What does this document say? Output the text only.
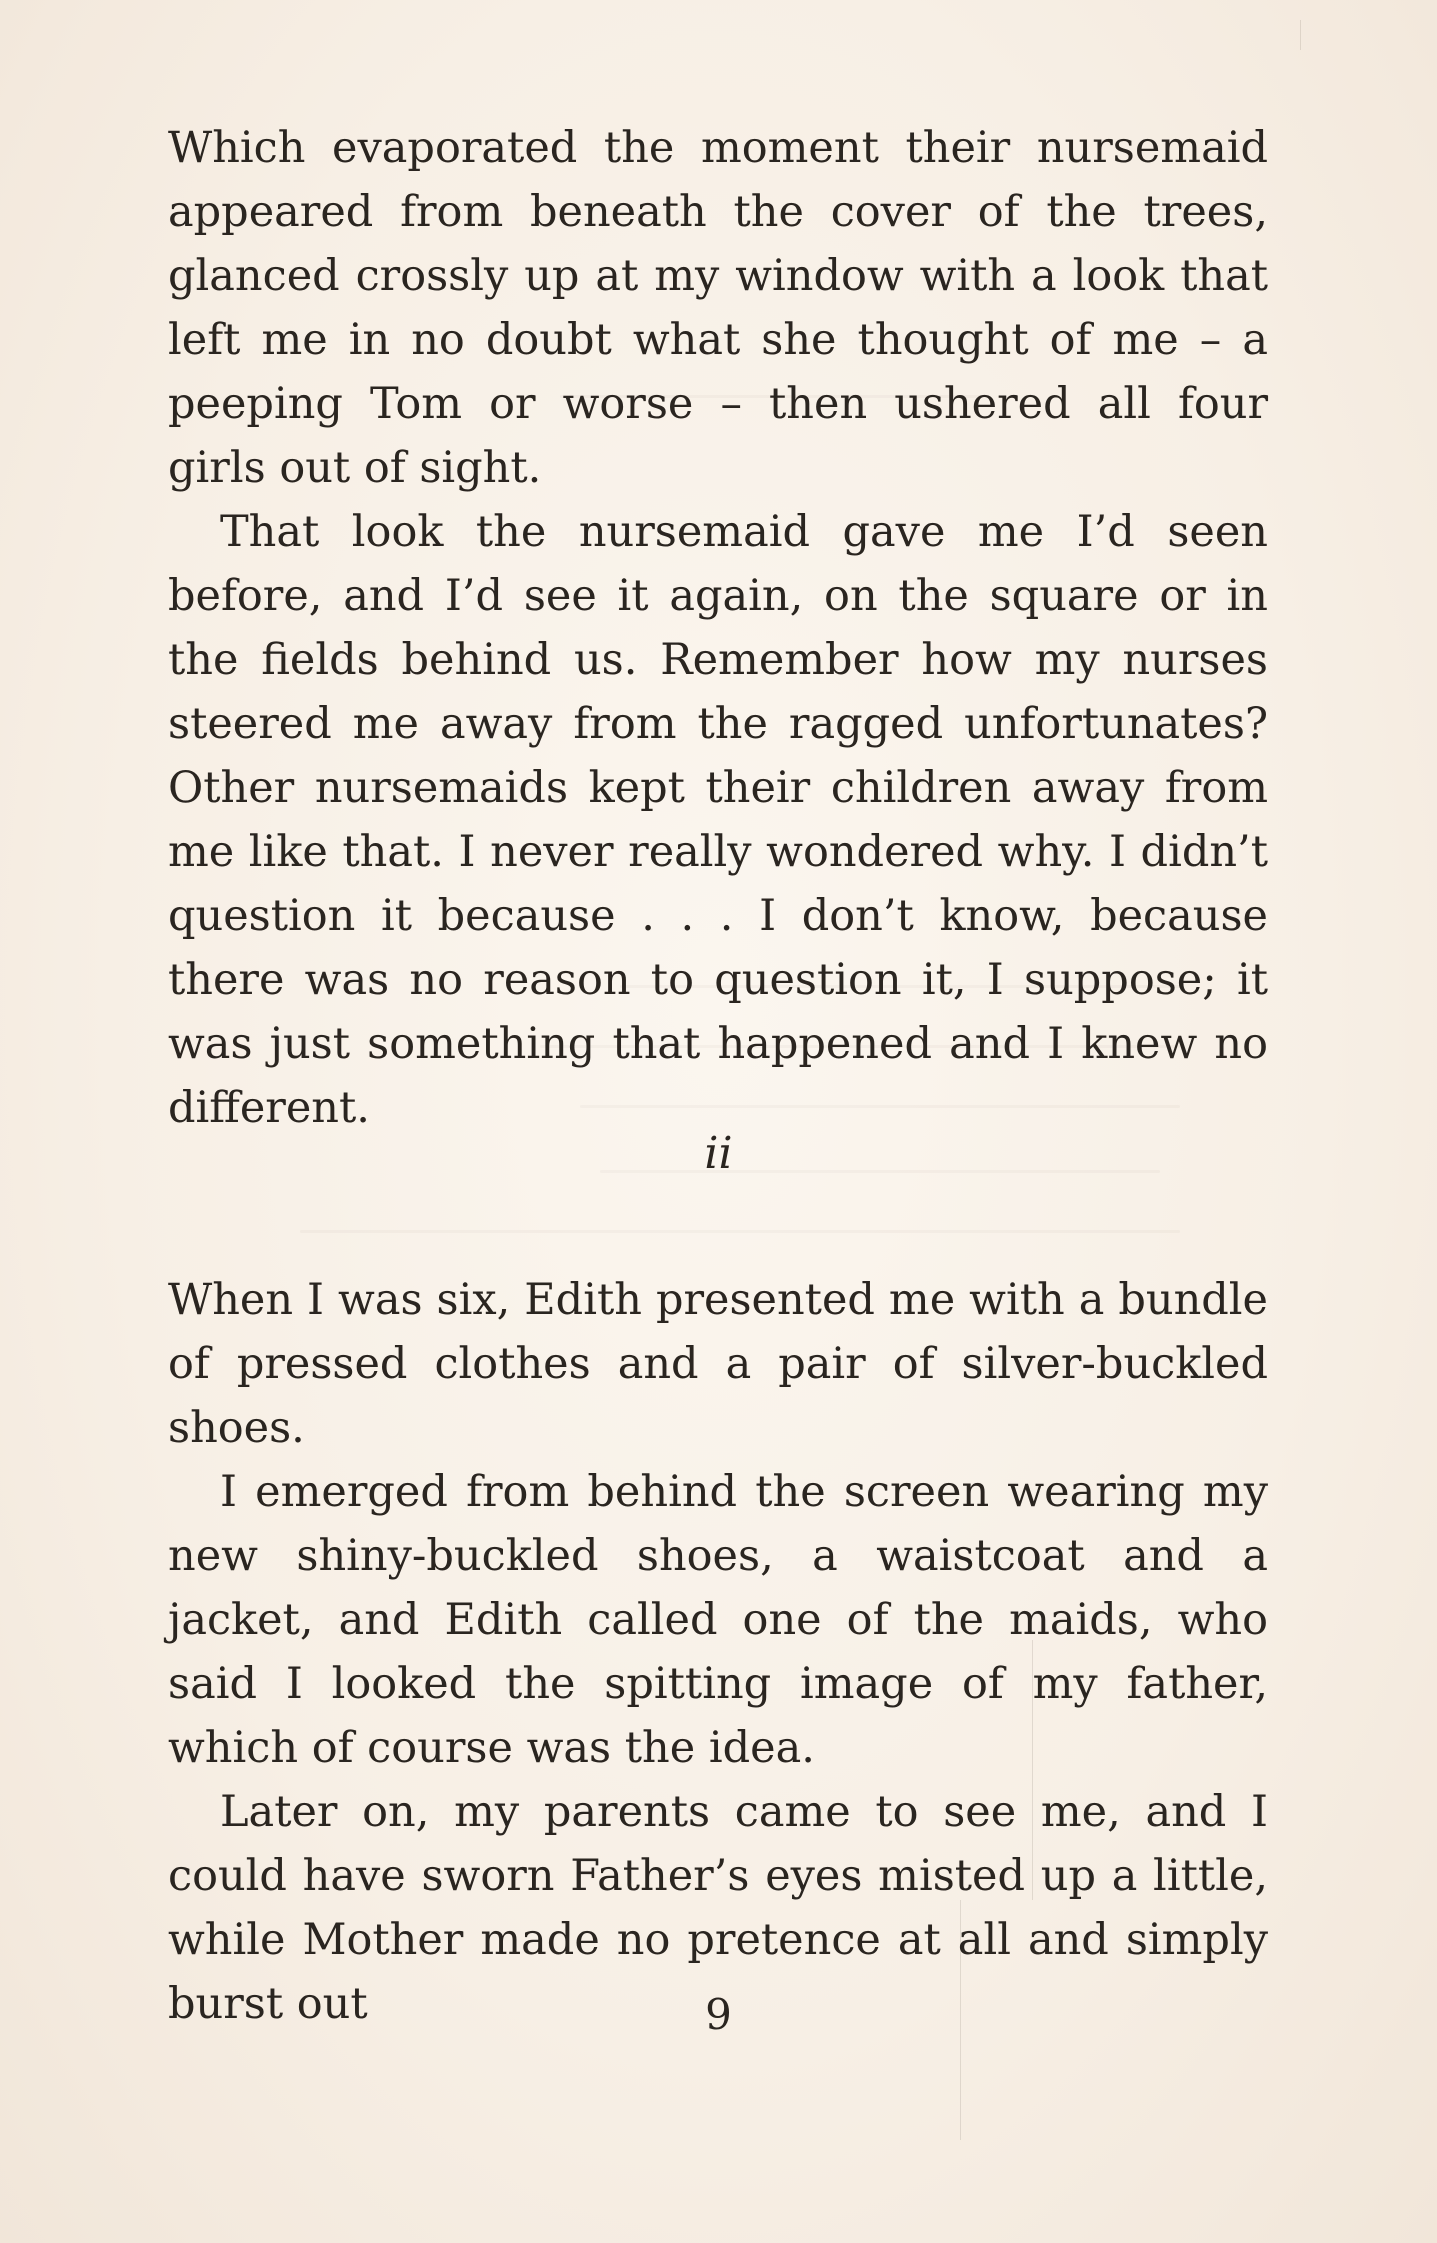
Which evaporated the moment their nursemaid appeared from beneath the cover of the trees, glanced crossly up at my window with a look that left me in no doubt what she thought of me – a peeping Tom or worse – then ushered all four girls out of sight.

That look the nursemaid gave me I’d seen before, and I’d see it again, on the square or in the fields behind us. Remember how my nurses steered me away from the ragged unfortunates? Other nursemaids kept their children away from me like that. I never really wondered why. I didn’t question it because . . . I don’t know, because there was no reason to question it, I suppose; it was just something that happened and I knew no different.

ii

When I was six, Edith presented me with a bundle of pressed clothes and a pair of silver-buckled shoes.

I emerged from behind the screen wearing my new shiny-buckled shoes, a waistcoat and a jacket, and Edith called one of the maids, who said I looked the spitting image of my father, which of course was the idea.

Later on, my parents came to see me, and I could have sworn Father’s eyes misted up a little, while Mother made no pretence at all and simply burst out	9
